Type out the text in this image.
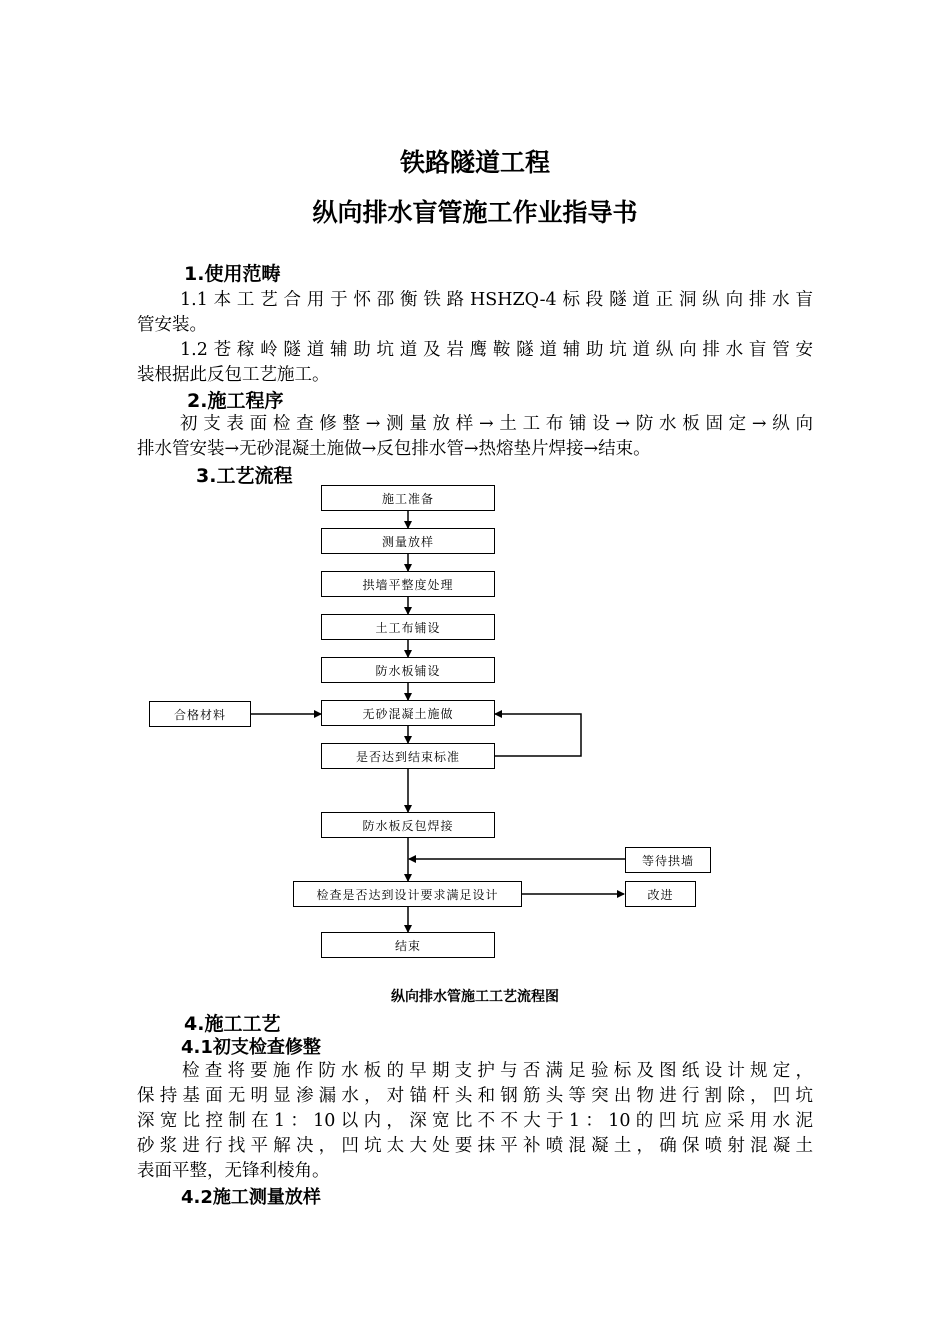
铁路隧道工程
纵向排水盲管施工作业指导书
1.使用范畴
1.1本工艺合用于怀邵衡铁路HSHZQ-4标段隧道正洞纵向排水盲
管安装。
1.2苍稼岭隧道辅助坑道及岩鹰鞍隧道辅助坑道纵向排水盲管安
装根据此反包工艺施工。
2.施工程序
初支表面检查修整→测量放样→土工布铺设→防水板固定→纵向
排水管安装→无砂混凝土施做→反包排水管→热熔垫片焊接→结束。
3.工艺流程
施工准备
测量放样
拱墙平整度处理
土工布铺设
防水板铺设
无砂混凝土施做
是否达到结束标准
防水板反包焊接
检查是否达到设计要求满足设计
结束
合格材料
等待拱墙
改进
纵向排水管施工工艺流程图
4.施工工艺
4.1初支检查修整
检查将要施作防水板的早期支护与否满足验标及图纸设计规定，
保持基面无明显渗漏水，对锚杆头和钢筋头等突出物进行割除，凹坑
深宽比控制在1：10以内，深宽比不不大于1：10的凹坑应采用水泥
砂浆进行找平解决，凹坑太大处要抹平补喷混凝土，确保喷射混凝土
表面平整，无锋利棱角。
4.2施工测量放样
